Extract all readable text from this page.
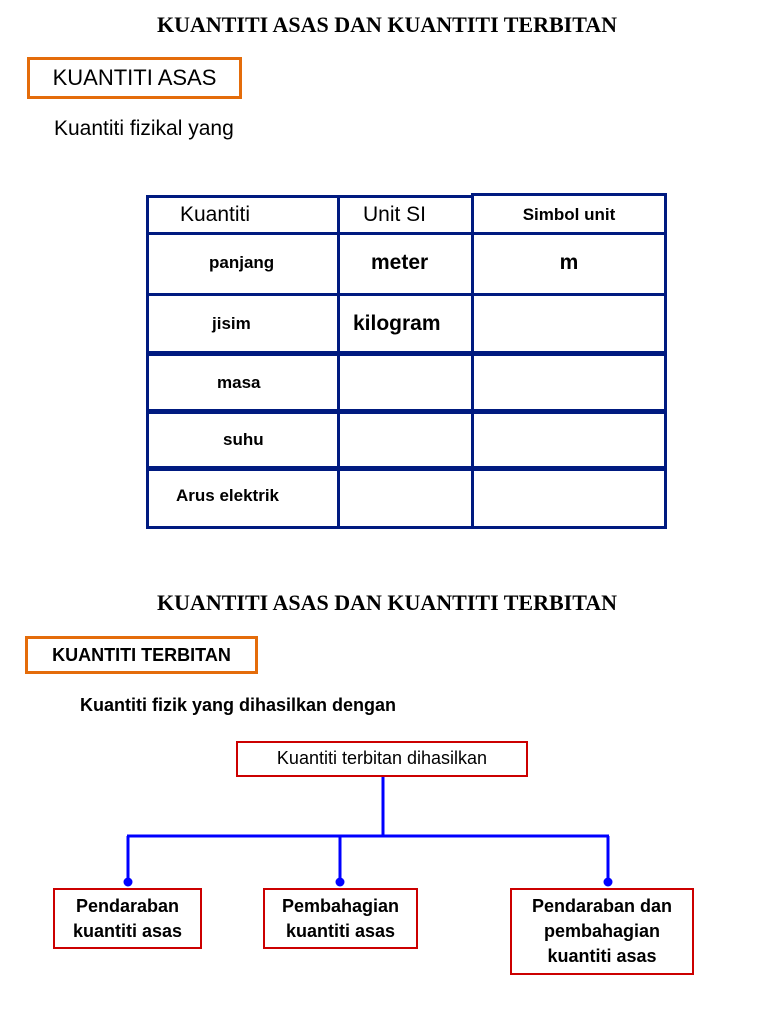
KUANTITI ASAS DAN KUANTITI TERBITAN
KUANTITI ASAS
Kuantiti fizikal yang
Kuantiti	Unit SI	Simbol unit
panjang	meter	m
jisim	kilogram
masa
suhu
Arus elektrik
KUANTITI ASAS DAN KUANTITI TERBITAN
KUANTITI TERBITAN
Kuantiti fizik yang dihasilkan dengan
Kuantiti terbitan dihasilkan
Pendaraban
kuantiti asas
Pembahagian
kuantiti asas
Pendaraban dan
pembahagian
kuantiti asas
